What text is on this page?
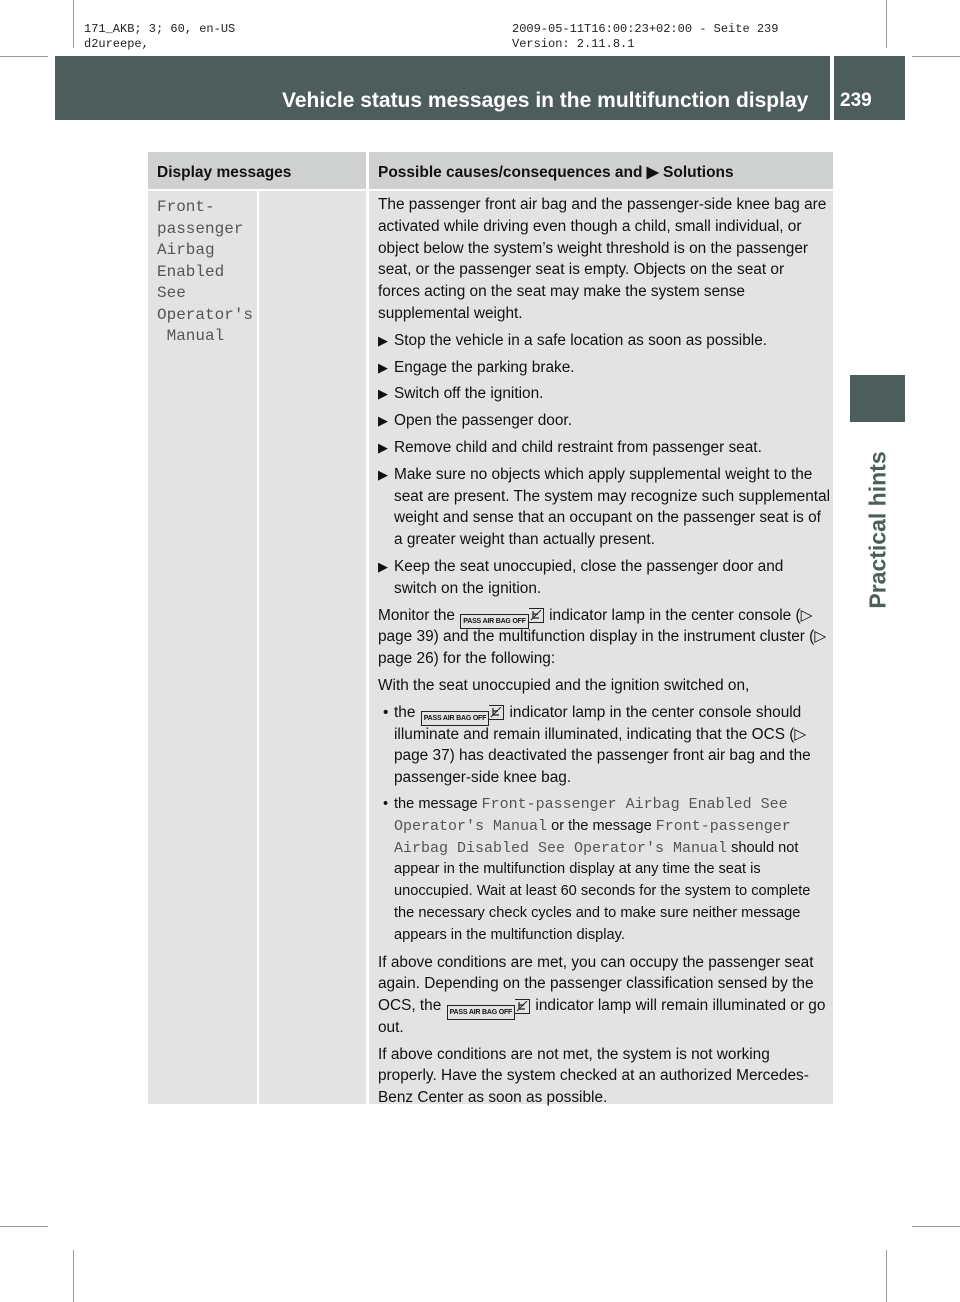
171_AKB; 3; 60, en-US
d2ureepe,
2009-05-11T16:00:23+02:00 - Seite 239
Version: 2.11.8.1
Vehicle status messages in the multifunction display 239
Practical hints
Display messages	Possible causes/consequences and ▶ Solutions
Front-
passenger
Airbag
Enabled
See
Operator's
Manual

The passenger front air bag and the passenger-side knee bag are activated while driving even though a child, small individual, or object below the system’s weight threshold is on the passenger seat, or the passenger seat is empty. Objects on the seat or forces acting on the seat may make the system sense supplemental weight.

▶ Stop the vehicle in a safe location as soon as possible.
▶ Engage the parking brake.
▶ Switch off the ignition.
▶ Open the passenger door.
▶ Remove child and child restraint from passenger seat.
▶ Make sure no objects which apply supplemental weight to the seat are present. The system may recognize such supplemental weight and sense that an occupant on the passenger seat is of a greater weight than actually present.
▶ Keep the seat unoccupied, close the passenger door and switch on the ignition.

Monitor the PASS AIR BAG OFF indicator lamp in the center console (▷ page 39) and the multifunction display in the instrument cluster (▷ page 26) for the following:

With the seat unoccupied and the ignition switched on,

• the PASS AIR BAG OFF indicator lamp in the center console should illuminate and remain illuminated, indicating that the OCS (▷ page 37) has deactivated the passenger front air bag and the passenger-side knee bag.
• the message Front-passenger Airbag Enabled See Operator's Manual or the message Front-passenger Airbag Disabled See Operator's Manual should not appear in the multifunction display at any time the seat is unoccupied. Wait at least 60 seconds for the system to complete the necessary check cycles and to make sure neither message appears in the multifunction display.

If above conditions are met, you can occupy the passenger seat again. Depending on the passenger classification sensed by the OCS, the PASS AIR BAG OFF indicator lamp will remain illuminated or go out.

If above conditions are not met, the system is not working properly. Have the system checked at an authorized Mercedes-Benz Center as soon as possible.
